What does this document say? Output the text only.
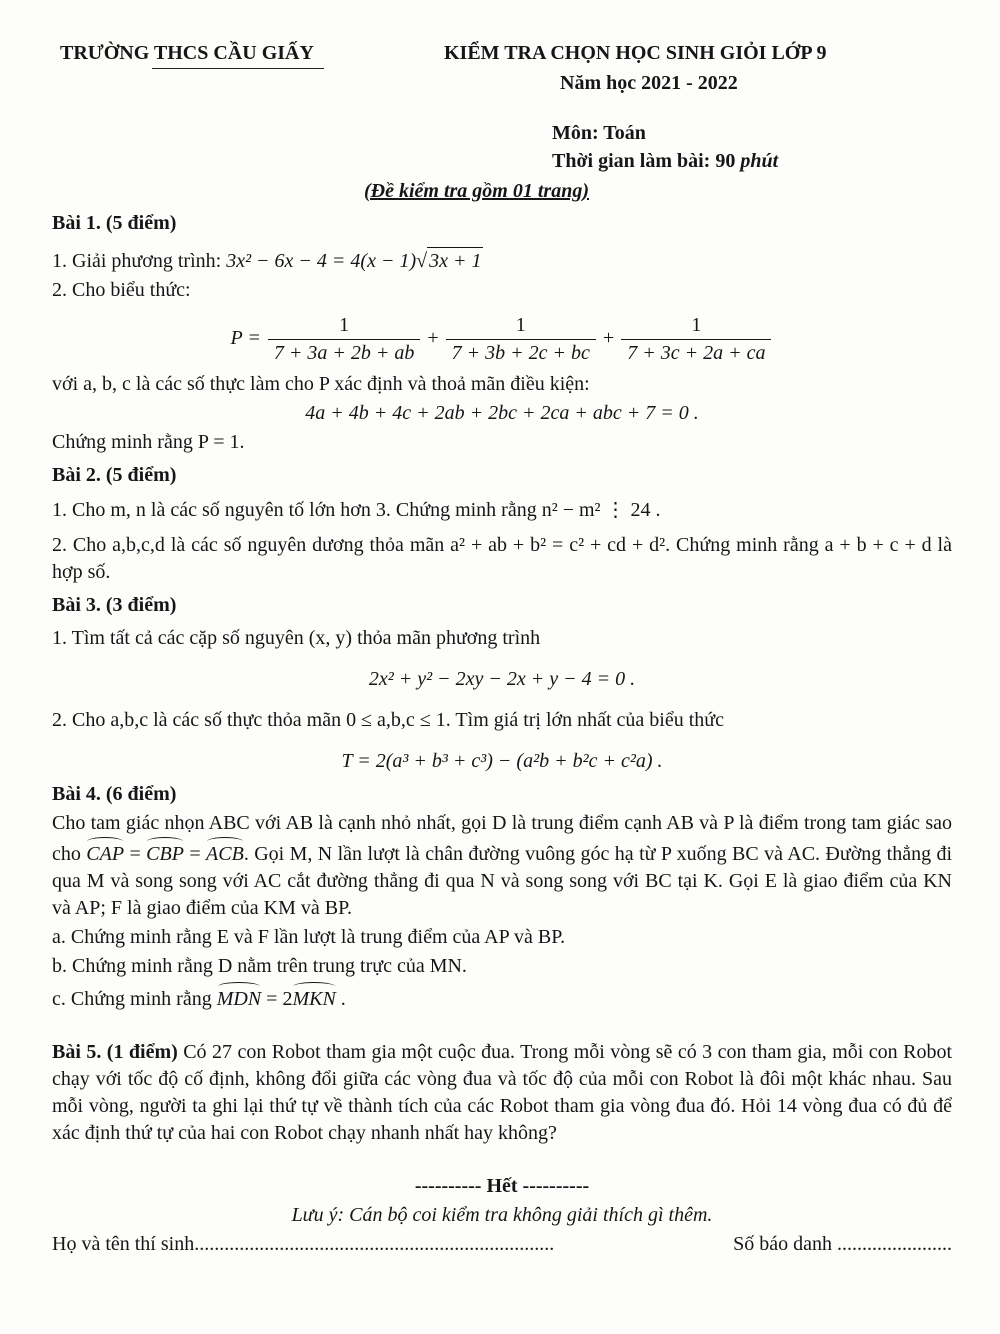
TRƯỜNG THCS CẦU GIẤY	KIỂM TRA CHỌN HỌC SINH GIỎI LỚP 9
Năm học 2021 - 2022
Môn: Toán
Thời gian làm bài: 90 phút
(Đề kiểm tra gồm 01 trang)
Bài 1. (5 điểm)
1. Giải phương trình: 3x² − 6x − 4 = 4(x − 1)√ 3x + 1
2. Cho biểu thức:
$P = \frac{1}{7 + 3a + 2b + ab} + \frac{1}{7 + 3b + 2c + bc} + \frac{1}{7 + 3c + 2a + ca}$
với a, b, c là các số thực làm cho P xác định và thoả mãn điều kiện:
4a + 4b + 4c + 2ab + 2bc + 2ca + abc + 7 = 0 .
Chứng minh rằng P = 1.
Bài 2. (5 điểm)
1. Cho m, n là các số nguyên tố lớn hơn 3. Chứng minh rằng n² − m² ⋮ 24 .
2. Cho a,b,c,d là các số nguyên dương thỏa mãn a² + ab + b² = c² + cd + d². Chứng minh rằng a + b + c + d là hợp số.
Bài 3. (3 điểm)
1. Tìm tất cả các cặp số nguyên (x, y) thỏa mãn phương trình
2x² + y² − 2xy − 2x + y − 4 = 0 .
2. Cho a,b,c là các số thực thỏa mãn 0 ≤ a,b,c ≤ 1. Tìm giá trị lớn nhất của biểu thức
T = 2(a³ + b³ + c³) − (a²b + b²c + c²a) .
Bài 4. (6 điểm)
Cho tam giác nhọn ABC với AB là cạnh nhỏ nhất, gọi D là trung điểm cạnh AB và P là điểm trong tam giác sao cho CAP = CBP = ACB. Gọi M, N lần lượt là chân đường vuông góc hạ từ P xuống BC và AC. Đường thẳng đi qua M và song song với AC cắt đường thẳng đi qua N và song song với BC tại K. Gọi E là giao điểm của KN và AP; F là giao điểm của KM và BP.
a. Chứng minh rằng E và F lần lượt là trung điểm của AP và BP.
b. Chứng minh rằng D nằm trên trung trực của MN.
c. Chứng minh rằng MDN = 2MKN .
Bài 5. (1 điểm) Có 27 con Robot tham gia một cuộc đua. Trong mỗi vòng sẽ có 3 con tham gia, mỗi con Robot chạy với tốc độ cố định, không đổi giữa các vòng đua và tốc độ của mỗi con Robot là đôi một khác nhau. Sau mỗi vòng, người ta ghi lại thứ tự về thành tích của các Robot tham gia vòng đua đó. Hỏi 14 vòng đua có đủ để xác định thứ tự của hai con Robot chạy nhanh nhất hay không?
---------- Hết ----------
Lưu ý: Cán bộ coi kiểm tra không giải thích gì thêm.
Họ và tên thí sinh........................................................................	Số báo danh .......................
